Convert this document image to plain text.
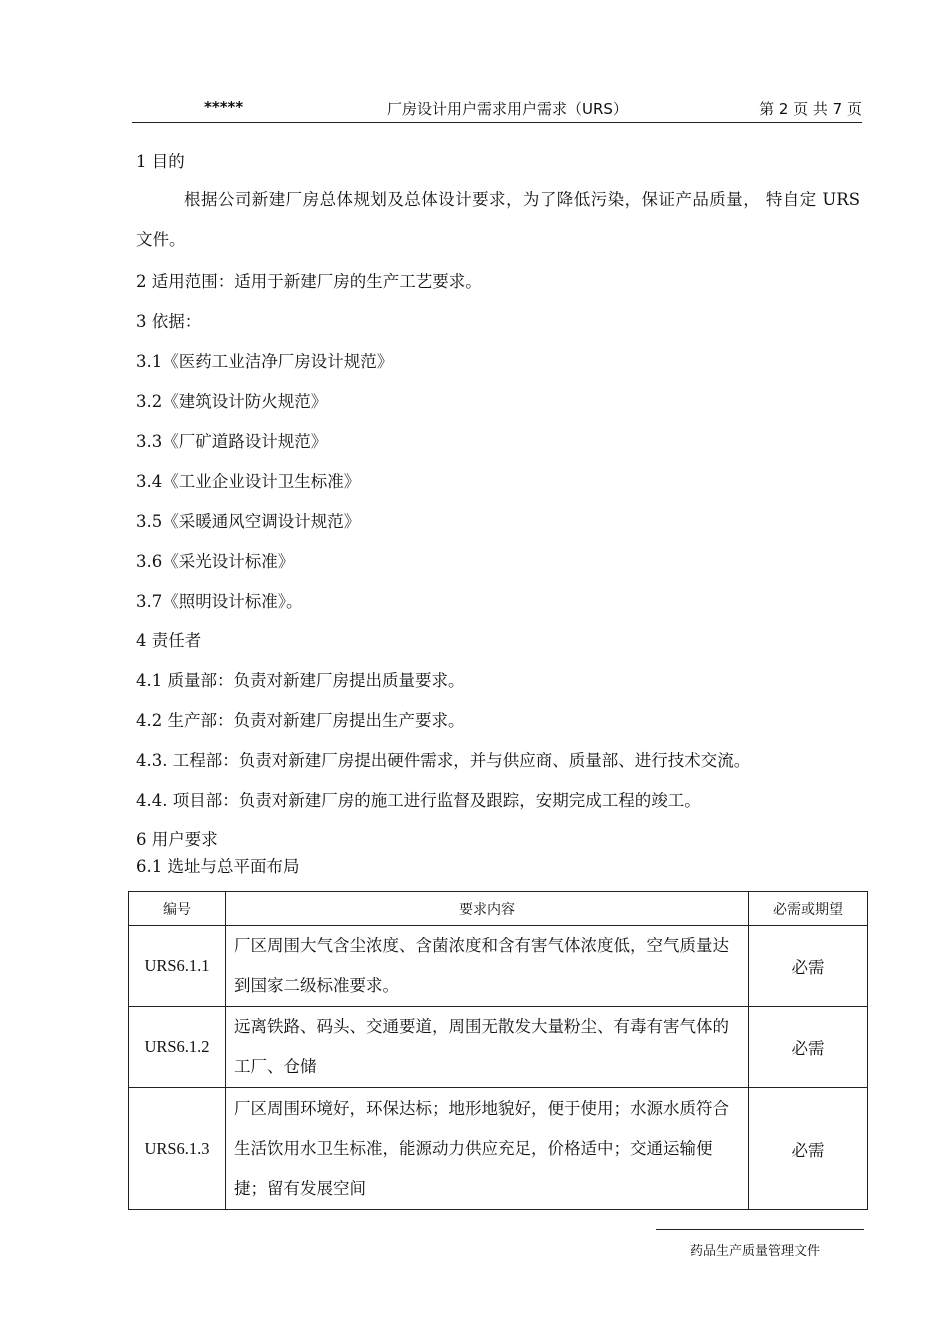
*****	厂房设计用户需求用户需求（URS）	第 2 页 共 7 页
1 目的
根据公司新建厂房总体规划及总体设计要求，为了降低污染，保证产品质量， 特自定 URS 文件。
2 适用范围：适用于新建厂房的生产工艺要求。
3 依据：
3.1《医药工业洁净厂房设计规范》
3.2《建筑设计防火规范》
3.3《厂矿道路设计规范》
3.4《工业企业设计卫生标准》
3.5《采暖通风空调设计规范》
3.6《采光设计标准》
3.7《照明设计标准》。
4 责任者
4.1 质量部：负责对新建厂房提出质量要求。
4.2 生产部：负责对新建厂房提出生产要求。
4.3. 工程部：负责对新建厂房提出硬件需求，并与供应商、质量部、进行技术交流。
4.4. 项目部：负责对新建厂房的施工进行监督及跟踪，安期完成工程的竣工。
6 用户要求
6.1 选址与总平面布局
编号	要求内容	必需或期望
URS6.1.1	厂区周围大气含尘浓度、含菌浓度和含有害气体浓度低，空气质量达到国家二级标准要求。	必需
URS6.1.2	远离铁路、码头、交通要道，周围无散发大量粉尘、有毒有害气体的工厂、仓储	必需
URS6.1.3	厂区周围环境好，环保达标；地形地貌好，便于使用；水源水质符合生活饮用水卫生标准，能源动力供应充足，价格适中；交通运输便捷；留有发展空间	必需
药品生产质量管理文件
